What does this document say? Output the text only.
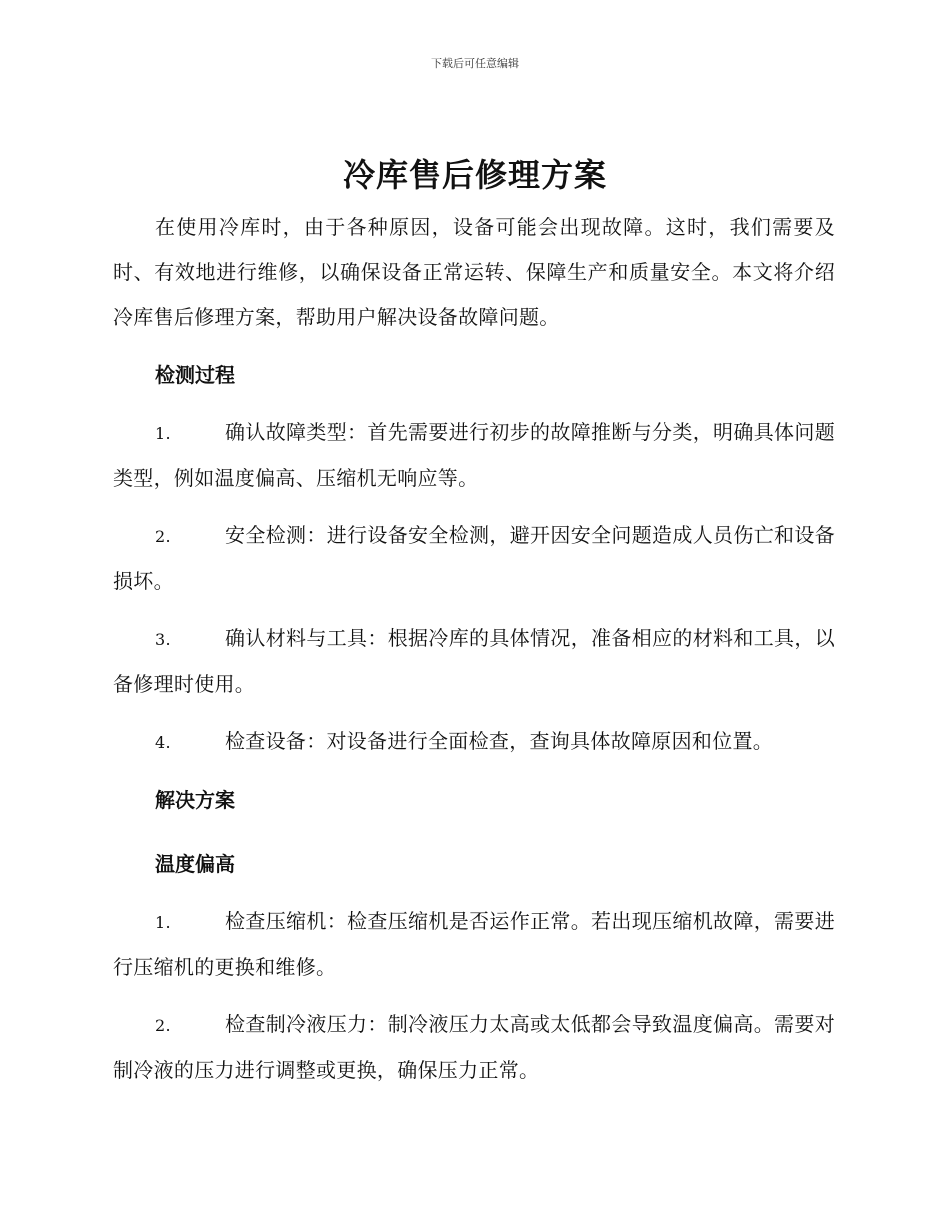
下载后可任意编辑
冷库售后修理方案

在使用冷库时，由于各种原因，设备可能会出现故障。这时，我们需要及时、有效地进行维修，以确保设备正常运转、保障生产和质量安全。本文将介绍冷库售后修理方案，帮助用户解决设备故障问题。

检测过程

1.	确认故障类型：首先需要进行初步的故障推断与分类，明确具体问题类型，例如温度偏高、压缩机无响应等。

2.	安全检测：进行设备安全检测，避开因安全问题造成人员伤亡和设备损坏。

3.	确认材料与工具：根据冷库的具体情况，准备相应的材料和工具，以备修理时使用。

4.	检查设备：对设备进行全面检查，查询具体故障原因和位置。

解决方案

温度偏高

1.	检查压缩机：检查压缩机是否运作正常。若出现压缩机故障，需要进行压缩机的更换和维修。

2.	检查制冷液压力：制冷液压力太高或太低都会导致温度偏高。需要对制冷液的压力进行调整或更换，确保压力正常。
